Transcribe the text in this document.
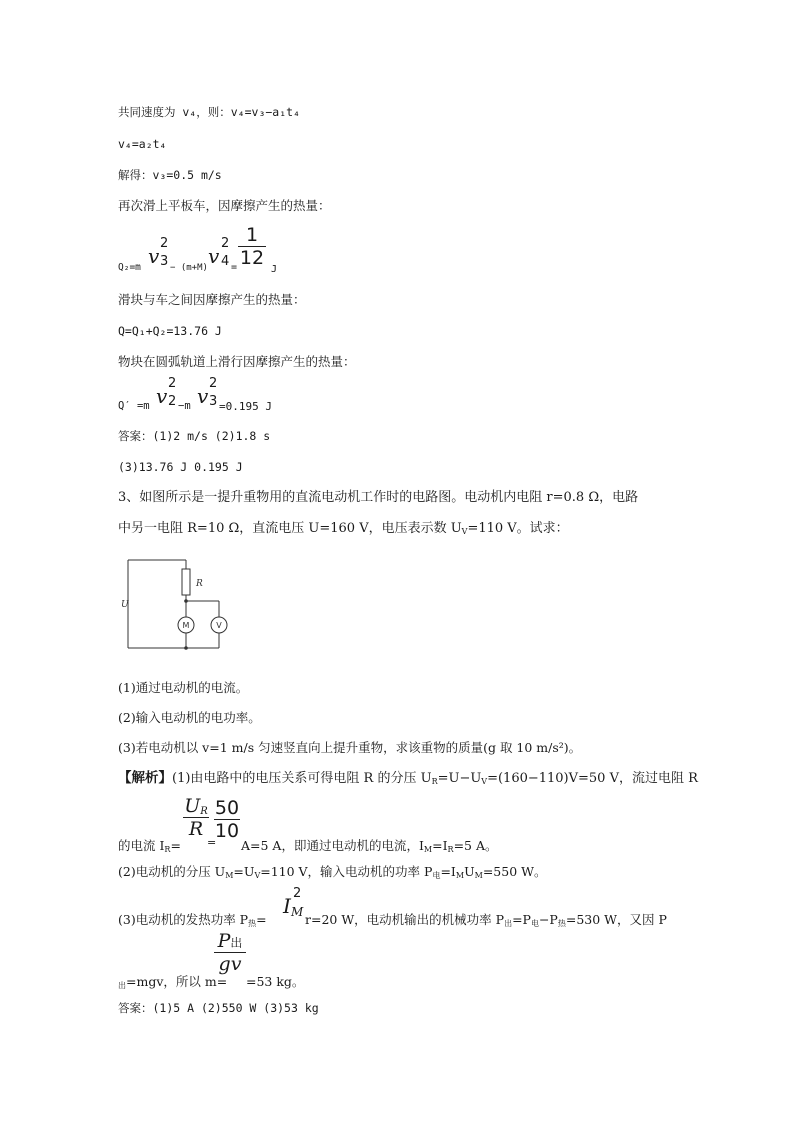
共同速度为 v₄，则：v₄=v₃−a₁t₄
v₄=a₂t₄
解得：v₃=0.5 m/s
再次滑上平板车，因摩擦产生的热量：
Q₂=m v
2
3 − (m+M) v
2
$4 = \frac{1}{12}$
J
滑块与车之间因摩擦产生的热量：
Q=Q₁+Q₂=13.76 J
物块在圆弧轨道上滑行因摩擦产生的热量：
Q′ =m v
2
2 −m v
2
3 =0.195 J
答案：(1)2 m/s (2)1.8 s
(3)13.76 J 0.195 J
3、如图所示是一提升重物用的直流电动机工作时的电路图。电动机内电阻 r=0.8 Ω，电路
中另一电阻 R=10 Ω，直流电压 U=160 V，电压表示数 $U_V=110$ V。试求：
R
U
M	V
(1)通过电动机的电流。
(2)输入电动机的电功率。
(3)若电动机以 v=1 m/s 匀速竖直向上提升重物，求该重物的质量(g 取 10 m/s²)。
【解析】(1)由电路中的电压关系可得电阻 R 的分压 $U_R=U-U_V=(160-110)V=50$ V，流过电阻 R
的电流 $I_R=$
$\frac{U_R}{R}$
=
$\frac{50}{10}$
A=5 A，即通过电动机的电流，$I_M=I_R=5$ A。
(2)电动机的分压 $U_M=U_V=110$ V，输入电动机的功率 $P_电=I_MU_M=550$ W。
(3)电动机的发热功率 $P_热=$
I
2
M r=20 W，电动机输出的机械功率 $P_出=P_电-P_热=530$ W，又因 P
$_出$=mgv，所以 m=
P出
gv
=53 kg。
答案：(1)5 A (2)550 W (3)53 kg
